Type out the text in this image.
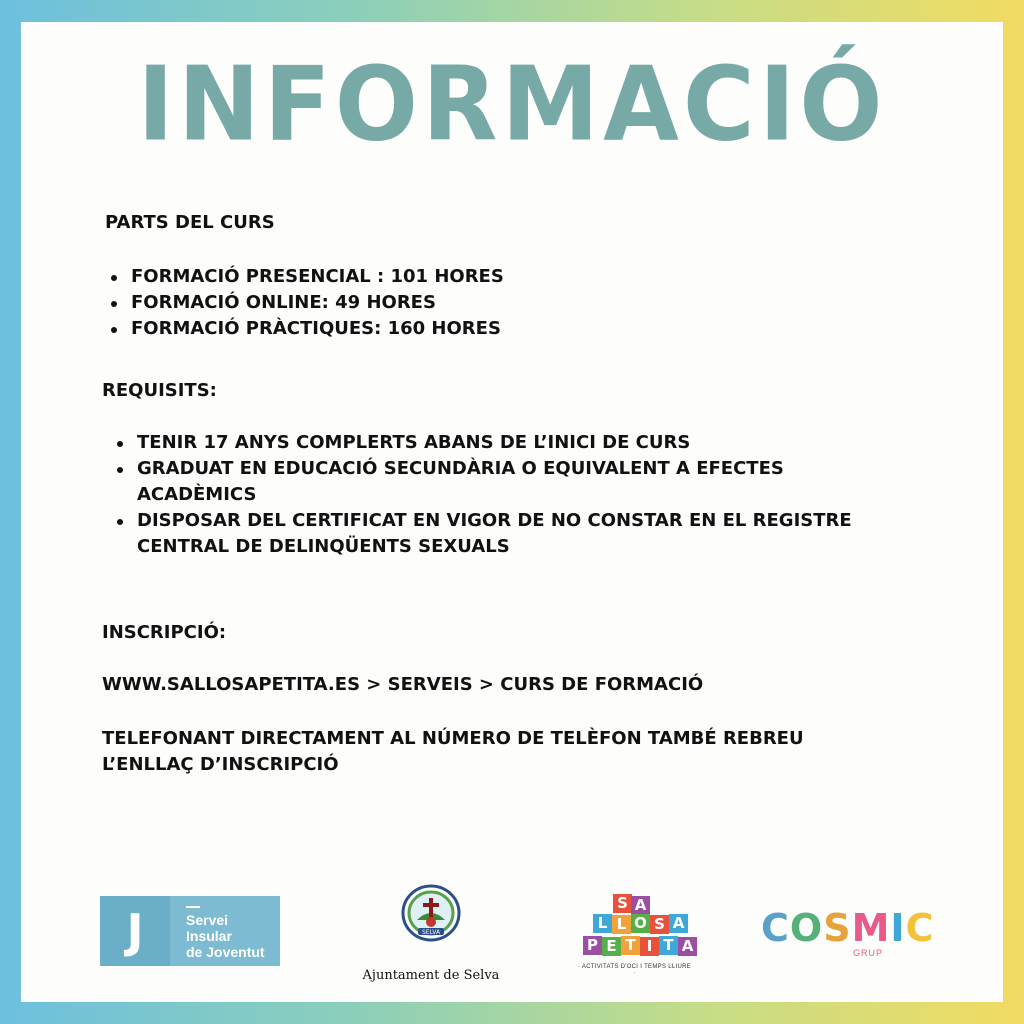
INFORMACIÓ
PARTS DEL CURS
FORMACIÓ PRESENCIAL : 101 HORES
FORMACIÓ ONLINE: 49 HORES
FORMACIÓ PRÀCTIQUES: 160 HORES
REQUISITS:
TENIR 17 ANYS COMPLERTS ABANS DE L’INICI DE CURS
GRADUAT EN EDUCACIÓ SECUNDÀRIA O EQUIVALENT A EFECTES ACADÈMICS
DISPOSAR DEL CERTIFICAT EN VIGOR DE NO CONSTAR EN EL REGISTRE CENTRAL DE DELINQÜENTS SEXUALS
INSCRIPCIÓ:
WWW.SALLOSAPETITA.ES > SERVEIS > CURS DE FORMACIÓ
TELEFONANT DIRECTAMENT AL NÚMERO DE TELÈFON TAMBÉ REBREU L’ENLLAÇ D’INSCRIPCIÓ
J	Servei
Insular
de Joventut
SELVA
Ajuntament de Selva
S A
L L O S A
P E T I T A
· ACTIVITATS D'OCI I TEMPS LLIURE ·
COSMIC
GRUP
